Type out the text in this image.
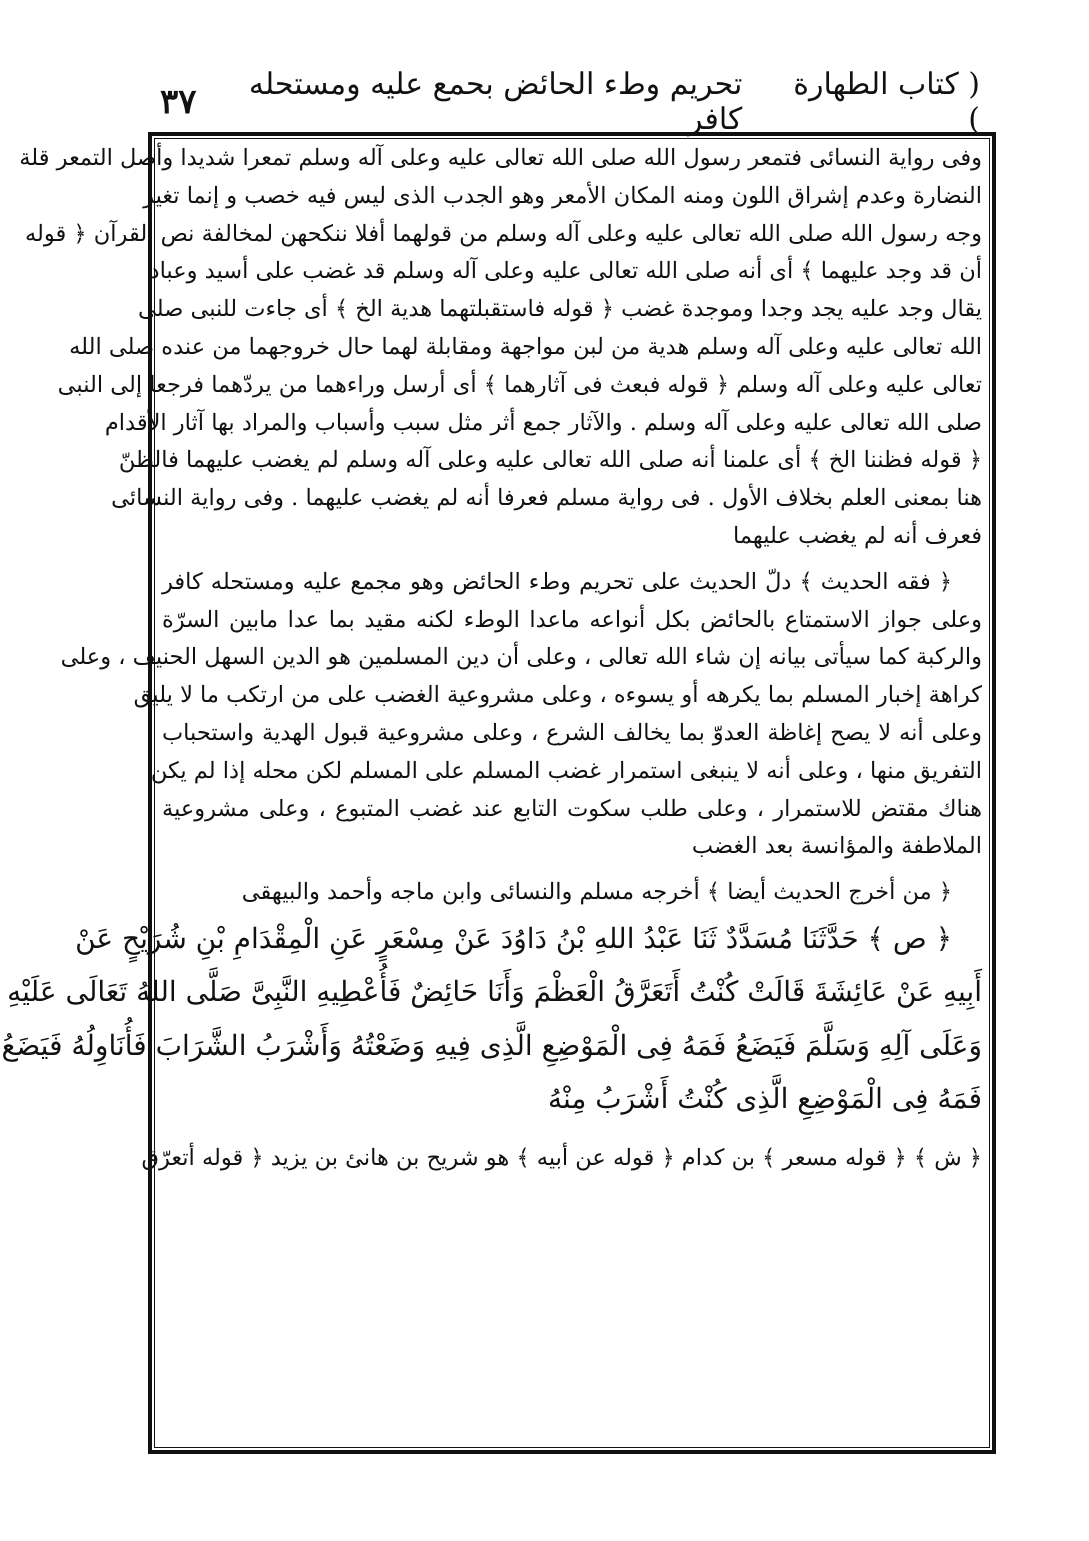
( كتاب الطهارة )
تحريم وطء الحائض بحمع عليه ومستحله كافر
٣٧
وفى رواية النسائى فتمعر رسول الله صلى الله تعالى عليه وعلى آله وسلم تمعرا شديدا وأصل التمعر قلة
النضارة وعدم إشراق اللون ومنه المكان الأمعر وهو الجدب الذى ليس فيه خصب و إنما تغير
وجه رسول الله صلى الله تعالى عليه وعلى آله وسلم من قولهما أفلا ننكحهن لمخالفة نص القرآن ﴿ قوله
أن قد وجد عليهما ﴾ أى أنه صلى الله تعالى عليه وعلى آله وسلم قد غضب على أسيد وعباد
يقال وجد عليه يجد وجدا وموجدة غضب ﴿ قوله فاستقبلتهما هدية الخ ﴾ أى جاءت للنبى صلى
الله تعالى عليه وعلى آله وسلم هدية من لبن مواجهة ومقابلة لهما حال خروجهما من عنده صلى الله
تعالى عليه وعلى آله وسلم ﴿ قوله فبعث فى آثارهما ﴾ أى أرسل وراءهما من يردّهما فرجعا إلى النبى
صلى الله تعالى عليه وعلى آله وسلم . والآثار جمع أثر مثل سبب وأسباب والمراد بها آثار الأقدام
﴿ قوله فظننا الخ ﴾ أى علمنا أنه صلى الله تعالى عليه وعلى آله وسلم لم يغضب عليهما فالظنّ
هنا بمعنى العلم بخلاف الأول . فى رواية مسلم فعرفا أنه لم يغضب عليهما . وفى رواية النسائى
فعرف أنه لم يغضب عليهما
﴿ فقه الحديث ﴾ دلّ الحديث على تحريم وطء الحائض وهو مجمع عليه ومستحله كافر
وعلى جواز الاستمتاع بالحائض بكل أنواعه ماعدا الوطء لكنه مقيد بما عدا مابين السرّة
والركبة كما سيأتى بيانه إن شاء الله تعالى ، وعلى أن دين المسلمين هو الدين السهل الحنيف ، وعلى
كراهة إخبار المسلم بما يكرهه أو يسوءه ، وعلى مشروعية الغضب على من ارتكب ما لا يليق
وعلى أنه لا يصح إغاظة العدوّ بما يخالف الشرع ، وعلى مشروعية قبول الهدية واستحباب
التفريق منها ، وعلى أنه لا ينبغى استمرار غضب المسلم على المسلم لكن محله إذا لم يكن
هناك مقتض للاستمرار ، وعلى طلب سكوت التابع عند غضب المتبوع ، وعلى مشروعية
الملاطفة والمؤانسة بعد الغضب
﴿ من أخرج الحديث أيضا ﴾ أخرجه مسلم والنسائى وابن ماجه وأحمد والبيهقى
﴿ ص ﴾ حَدَّثَنَا مُسَدَّدٌ ثَنَا عَبْدُ اللهِ بْنُ دَاوُدَ عَنْ مِسْعَرٍ عَنِ الْمِقْدَامِ بْنِ شُرَيْحٍ عَنْ
أَبِيهِ عَنْ عَائِشَةَ قَالَتْ كُنْتُ أَتَعَرَّقُ الْعَظْمَ وَأَنَا حَائِضٌ فَأُعْطِيهِ النَّبِىَّ صَلَّى اللهُ تَعَالَى عَلَيْهِ
وَعَلَى آلِهِ وَسَلَّمَ فَيَضَعُ فَمَهُ فِى الْمَوْضِعِ الَّذِى فِيهِ وَضَعْتُهُ وَأَشْرَبُ الشَّرَابَ فَأُنَاوِلُهُ فَيَضَعُ
فَمَهُ فِى الْمَوْضِعِ الَّذِى كُنْتُ أَشْرَبُ مِنْهُ
﴿ ش ﴾ ﴿ قوله مسعر ﴾ بن كدام ﴿ قوله عن أبيه ﴾ هو شريح بن هانئ بن يزيد ﴿ قوله أتعرّق
